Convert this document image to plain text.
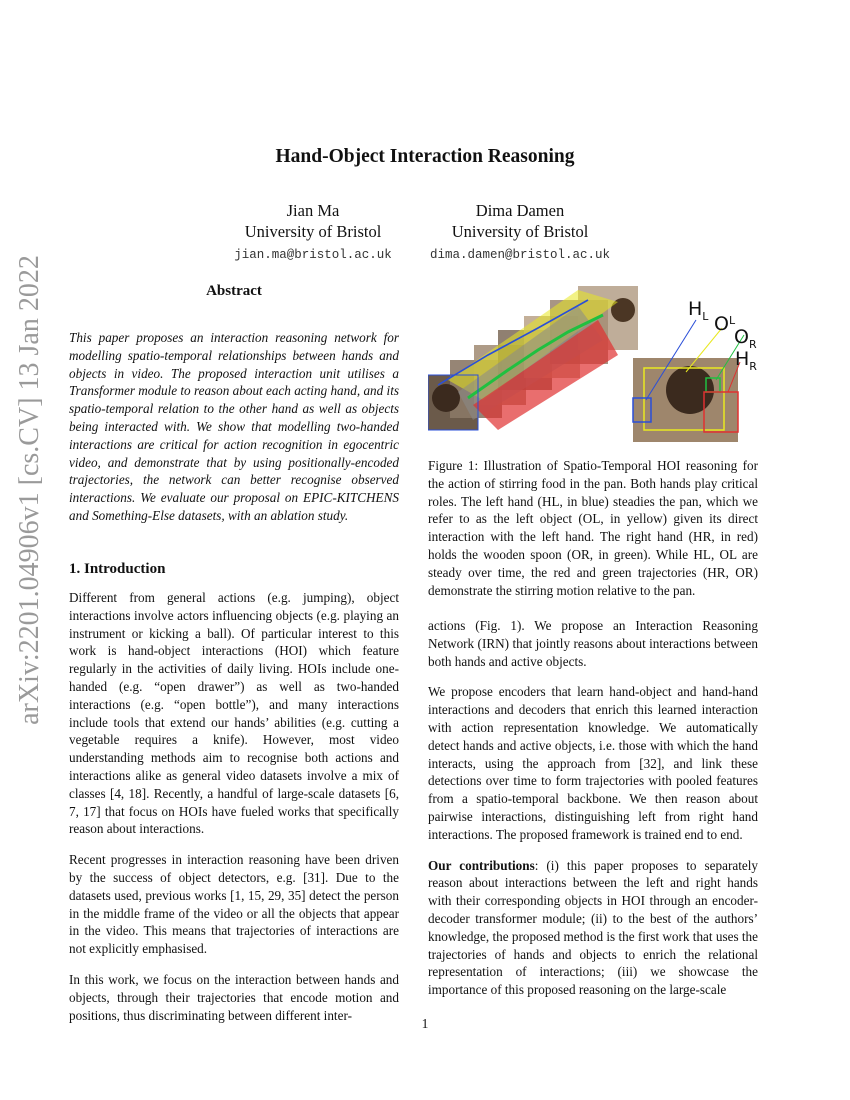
Hand-Object Interaction Reasoning
Jian Ma
University of Bristol
jian.ma@bristol.ac.uk
Dima Damen
University of Bristol
dima.damen@bristol.ac.uk
arXiv:2201.04906v1 [cs.CV] 13 Jan 2022	Abstract
This paper proposes an interaction reasoning network for modelling spatio-temporal relationships between hands and objects in video. The proposed interaction unit utilises a Transformer module to reason about each acting hand, and its spatio-temporal relation to the other hand as well as objects being interacted with. We show that modelling two-handed interactions are critical for action recognition in egocentric video, and demonstrate that by using positionally-encoded trajectories, the network can better recognise observed interactions. We evaluate our proposal on EPIC-KITCHENS and Something-Else datasets, with an ablation study.
1. Introduction

Different from general actions (e.g. jumping), object interactions involve actors influencing objects (e.g. playing an instrument or kicking a ball). Of particular interest to this work is hand-object interactions (HOI) which feature regularly in the activities of daily living. HOIs include one-handed (e.g. “open drawer”) as well as two-handed interactions (e.g. “open bottle”), and many interactions include tools that extend our hands’ abilities (e.g. cutting a vegetable requires a knife). However, most video understanding methods aim to recognise both actions and interactions alike as general video datasets involve a mix of classes [4, 18]. Recently, a handful of large-scale datasets [6, 7, 17] that focus on HOIs have fueled works that specifically reason about interactions.

Recent progresses in interaction reasoning have been driven by the success of object detectors, e.g. [31]. Due to the datasets used, previous works [1, 15, 29, 35] detect the person in the middle frame of the video or all the objects that appear in the video. This means that trajectories of interactions are not explicitly emphasised.

In this work, we focus on the interaction between hands and objects, through their trajectories that encode motion and positions, thus discriminating between different inter-

$H_L$ $O^L$
$O_R$
$H_R$
Figure 1: Illustration of Spatio-Temporal HOI reasoning for the action of stirring food in the pan. Both hands play critical roles. The left hand (HL, in blue) steadies the pan, which we refer to as the left object (OL, in yellow) given its direct interaction with the left hand. The right hand (HR, in red) holds the wooden spoon (OR, in green). While HL, OL are steady over time, the red and green trajectories (HR, OR) demonstrate the stirring motion relative to the pan.

actions (Fig. 1). We propose an Interaction Reasoning Network (IRN) that jointly reasons about interactions between both hands and active objects.

We propose encoders that learn hand-object and hand-hand interactions and decoders that enrich this learned interaction with action representation knowledge. We automatically detect hands and active objects, i.e. those with which the hand interacts, using the approach from [32], and link these detections over time to form trajectories with pooled features from a spatio-temporal backbone. We then reason about pairwise interactions, distinguishing left from right hand interactions. The proposed framework is trained end to end.

Our contributions: (i) this paper proposes to separately reason about interactions between the left and right hands with their corresponding objects in HOI through an encoder-decoder transformer module; (ii) to the best of the authors’ knowledge, the proposed method is the first work that uses the trajectories of hands and objects to enrich the relational representation of interactions; (iii) we showcase the importance of this proposed reasoning on the large-scale

1
